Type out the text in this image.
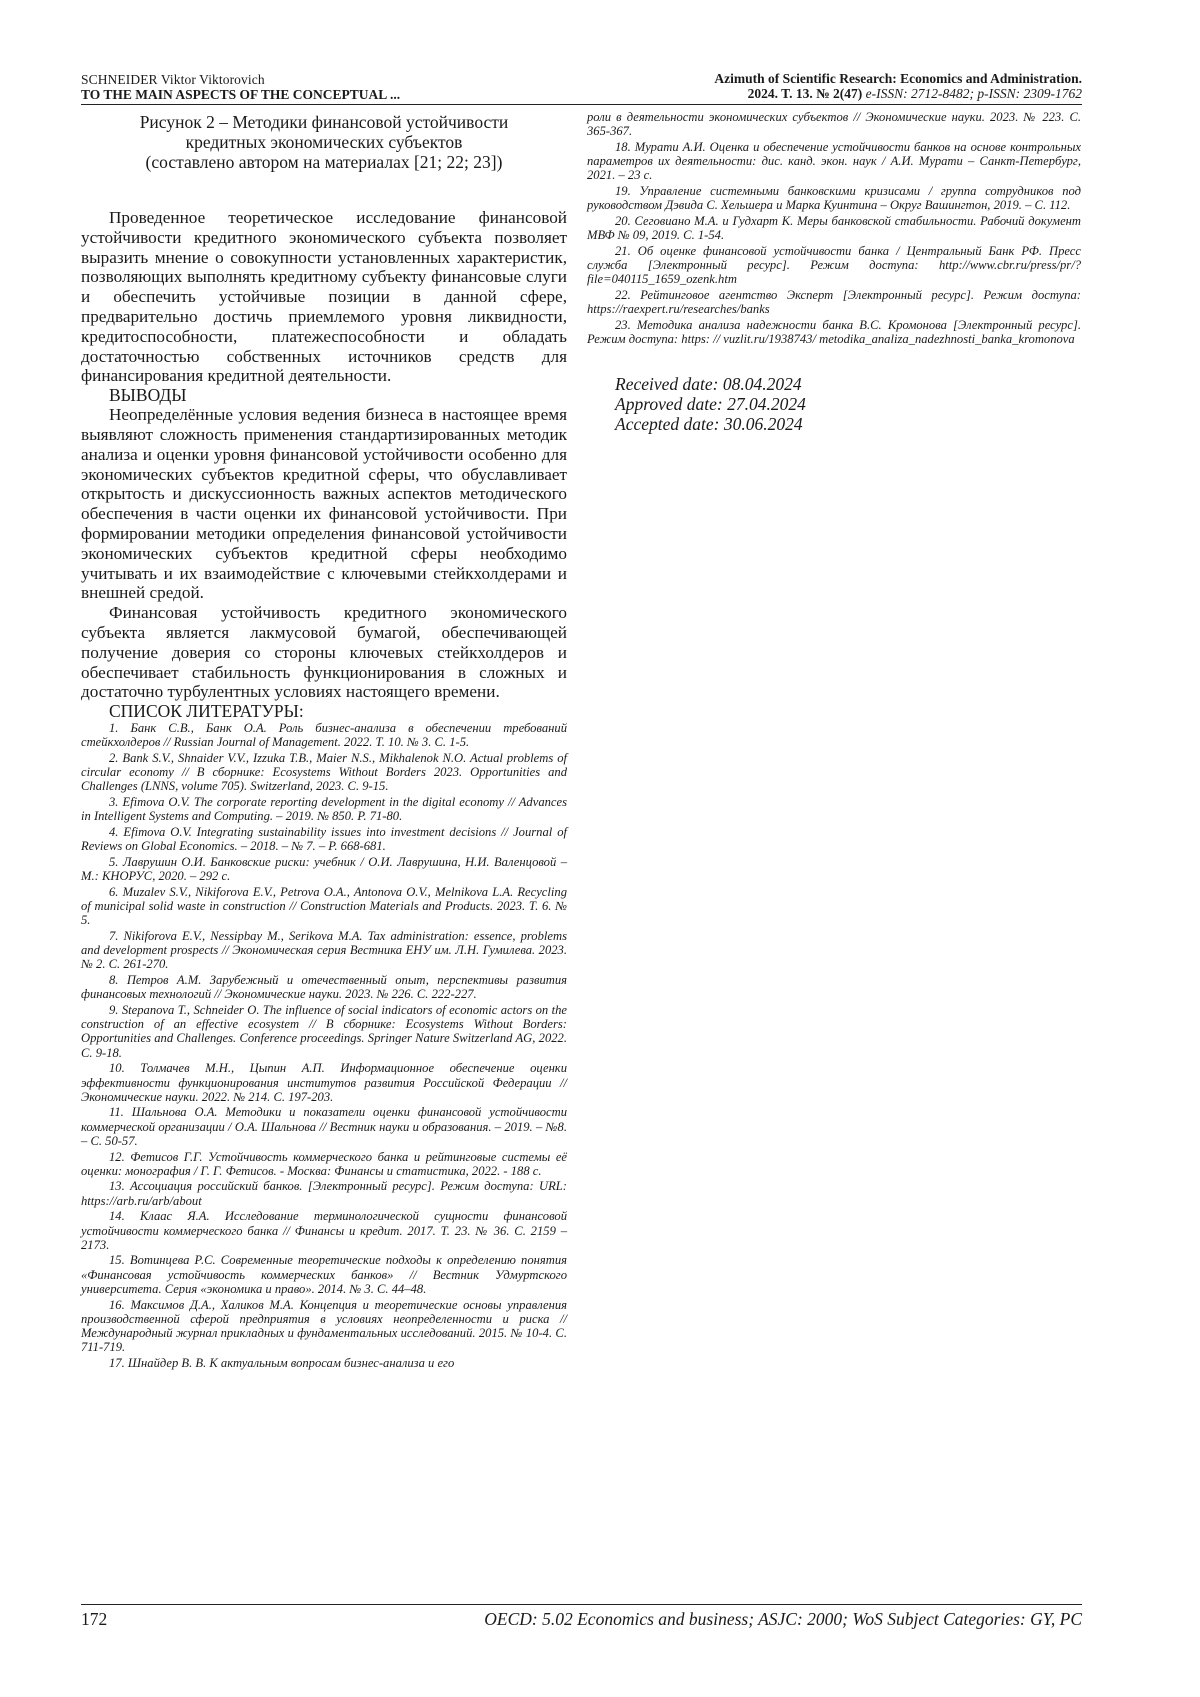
SCHNEIDER Viktor Viktorovich
TO THE MAIN ASPECTS OF THE CONCEPTUAL ...
Azimuth of Scientific Research: Economics and Administration.
2024. T. 13. № 2(47) e-ISSN: 2712-8482; p-ISSN: 2309-1762
Рисунок 2 – Методики финансовой устойчивости
кредитных экономических субъектов
(составлено автором на материалах [21; 22; 23])

Проведенное теоретическое исследование финансовой устойчивости кредитного экономического субъекта позволяет выразить мнение о совокупности установленных характеристик, позволяющих выполнять кредитному субъекту финансовые слуги и обеспечить устойчивые позиции в данной сфере, предварительно достичь приемлемого уровня ликвидности, кредитоспособности, платежеспособности и обладать достаточностью собственных источников средств для финансирования кредитной деятельности.

ВЫВОДЫ

Неопределённые условия ведения бизнеса в настоящее время выявляют сложность применения стандартизированных методик анализа и оценки уровня финансовой устойчивости особенно для экономических субъектов кредитной сферы, что обуславливает открытость и дискуссионность важных аспектов методического обеспечения в части оценки их финансовой устойчивости. При формировании методики определения финансовой устойчивости экономических субъектов кредитной сферы необходимо учитывать и их взаимодействие с ключевыми стейкхолдерами и внешней средой.

Финансовая устойчивость кредитного экономического субъекта является лакмусовой бумагой, обеспечивающей получение доверия со стороны ключевых стейкхолдеров и обеспечивает стабильность функционирования в сложных и достаточно турбулентных условиях настоящего времени.

СПИСОК ЛИТЕРАТУРЫ:

1. Банк С.В., Банк О.А. Роль бизнес-анализа в обеспечении требований стейкхолдеров // Russian Journal of Management. 2022. Т. 10. № 3. С. 1-5.

2. Bank S.V., Shnaider V.V., Izzuka T.B., Maier N.S., Mikhalenok N.O. Actual problems of circular economy // В сборнике: Ecosystems Without Borders 2023. Opportunities and Challenges (LNNS, volume 705). Switzerland, 2023. С. 9-15.

3. Efimova O.V. The corporate reporting development in the digital economy // Advances in Intelligent Systems and Computing. – 2019. № 850. P. 71-80.

4. Efimova O.V. Integrating sustainability issues into investment decisions // Journal of Reviews on Global Economics. – 2018. – № 7. – P. 668-681.

5. Лаврушин О.И. Банковские риски: учебник / О.И. Лаврушина, Н.И. Валенцовой – М.: КНОРУС, 2020. – 292 с.

6. Muzalev S.V., Nikiforova E.V., Petrova O.A., Antonova O.V., Melnikova L.A. Recycling of municipal solid waste in construction // Construction Materials and Products. 2023. Т. 6. № 5.

7. Nikiforova E.V., Nessipbay M., Serikova M.A. Tax administration: essence, problems and development prospects // Экономическая серия Вестника ЕНУ им. Л.Н. Гумилева. 2023. № 2. С. 261-270.

8. Петров А.М. Зарубежный и отечественный опыт, перспективы развития финансовых технологий // Экономические науки. 2023. № 226. С. 222-227.

9. Stepanova T., Schneider O. The influence of social indicators of economic actors on the construction of an effective ecosystem // В сборнике: Ecosystems Without Borders: Opportunities and Challenges. Conference proceedings. Springer Nature Switzerland AG, 2022. С. 9-18.

10. Толмачев М.Н., Цыпин А.П. Информационное обеспечение оценки эффективности функционирования институтов развития Российской Федерации // Экономические науки. 2022. № 214. С. 197-203.

11. Шальнова О.А. Методики и показатели оценки финансовой устойчивости коммерческой организации / О.А. Шальнова // Вестник науки и образования. – 2019. – №8. – С. 50-57.

12. Фетисов Г.Г. Устойчивость коммерческого банка и рейтинговые системы её оценки: монография / Г. Г. Фетисов. - Москва: Финансы и статистика, 2022. - 188 с.

13. Ассоциация российский банков. [Электронный ресурс]. Режим доступа: URL: https://arb.ru/arb/about

14. Клаас Я.А. Исследование терминологической сущности финансовой устойчивости коммерческого банка // Финансы и кредит. 2017. Т. 23. № 36. С. 2159 – 2173.

15. Вотинцева Р.С. Современные теоретические подходы к определению понятия «Финансовая устойчивость коммерческих банков» // Вестник Удмуртского университета. Серия «экономика и право». 2014. № 3. С. 44–48.

16. Максимов Д.А., Халиков М.А. Концепция и теоретические основы управления производственной сферой предприятия в условиях неопределенности и риска // Международный журнал прикладных и фундаментальных исследований. 2015. № 10-4. С. 711-719.

17. Шнайдер В. В. К актуальным вопросам бизнес-анализа и его

роли в деятельности экономических субъектов // Экономические науки. 2023. № 223. С. 365-367.

18. Мурати А.И. Оценка и обеспечение устойчивости банков на основе контрольных параметров их деятельности: дис. канд. экон. наук / А.И. Мурати – Санкт-Петербург, 2021. – 23 с.

19. Управление системными банковскими кризисами / группа сотрудников под руководством Дэвида С. Хельшера и Марка Куинтина – Округ Вашингтон, 2019. – С. 112.

20. Сеговиано М.А. и Гудхарт К. Меры банковской стабильности. Рабочий документ МВФ № 09, 2019. С. 1-54.

21. Об оценке финансовой устойчивости банка / Центральный Банк РФ. Пресс служба [Электронный ресурс]. Режим доступа: http://www.cbr.ru/press/pr/?file=040115_1659_ozenk.htm

22. Рейтинговое агентство Эксперт [Электронный ресурс]. Режим доступа: https://raexpert.ru/researches/banks

23. Методика анализа надежности банка В.С. Кромонова [Электронный ресурс]. Режим доступа: https: // vuzlit.ru/1938743/ metodika_analiza_nadezhnosti_banka_kromonova

Received date: 08.04.2024
Approved date: 27.04.2024
Accepted date: 30.06.2024
172	OECD: 5.02 Economics and business; ASJC: 2000; WoS Subject Categories: GY, PC
